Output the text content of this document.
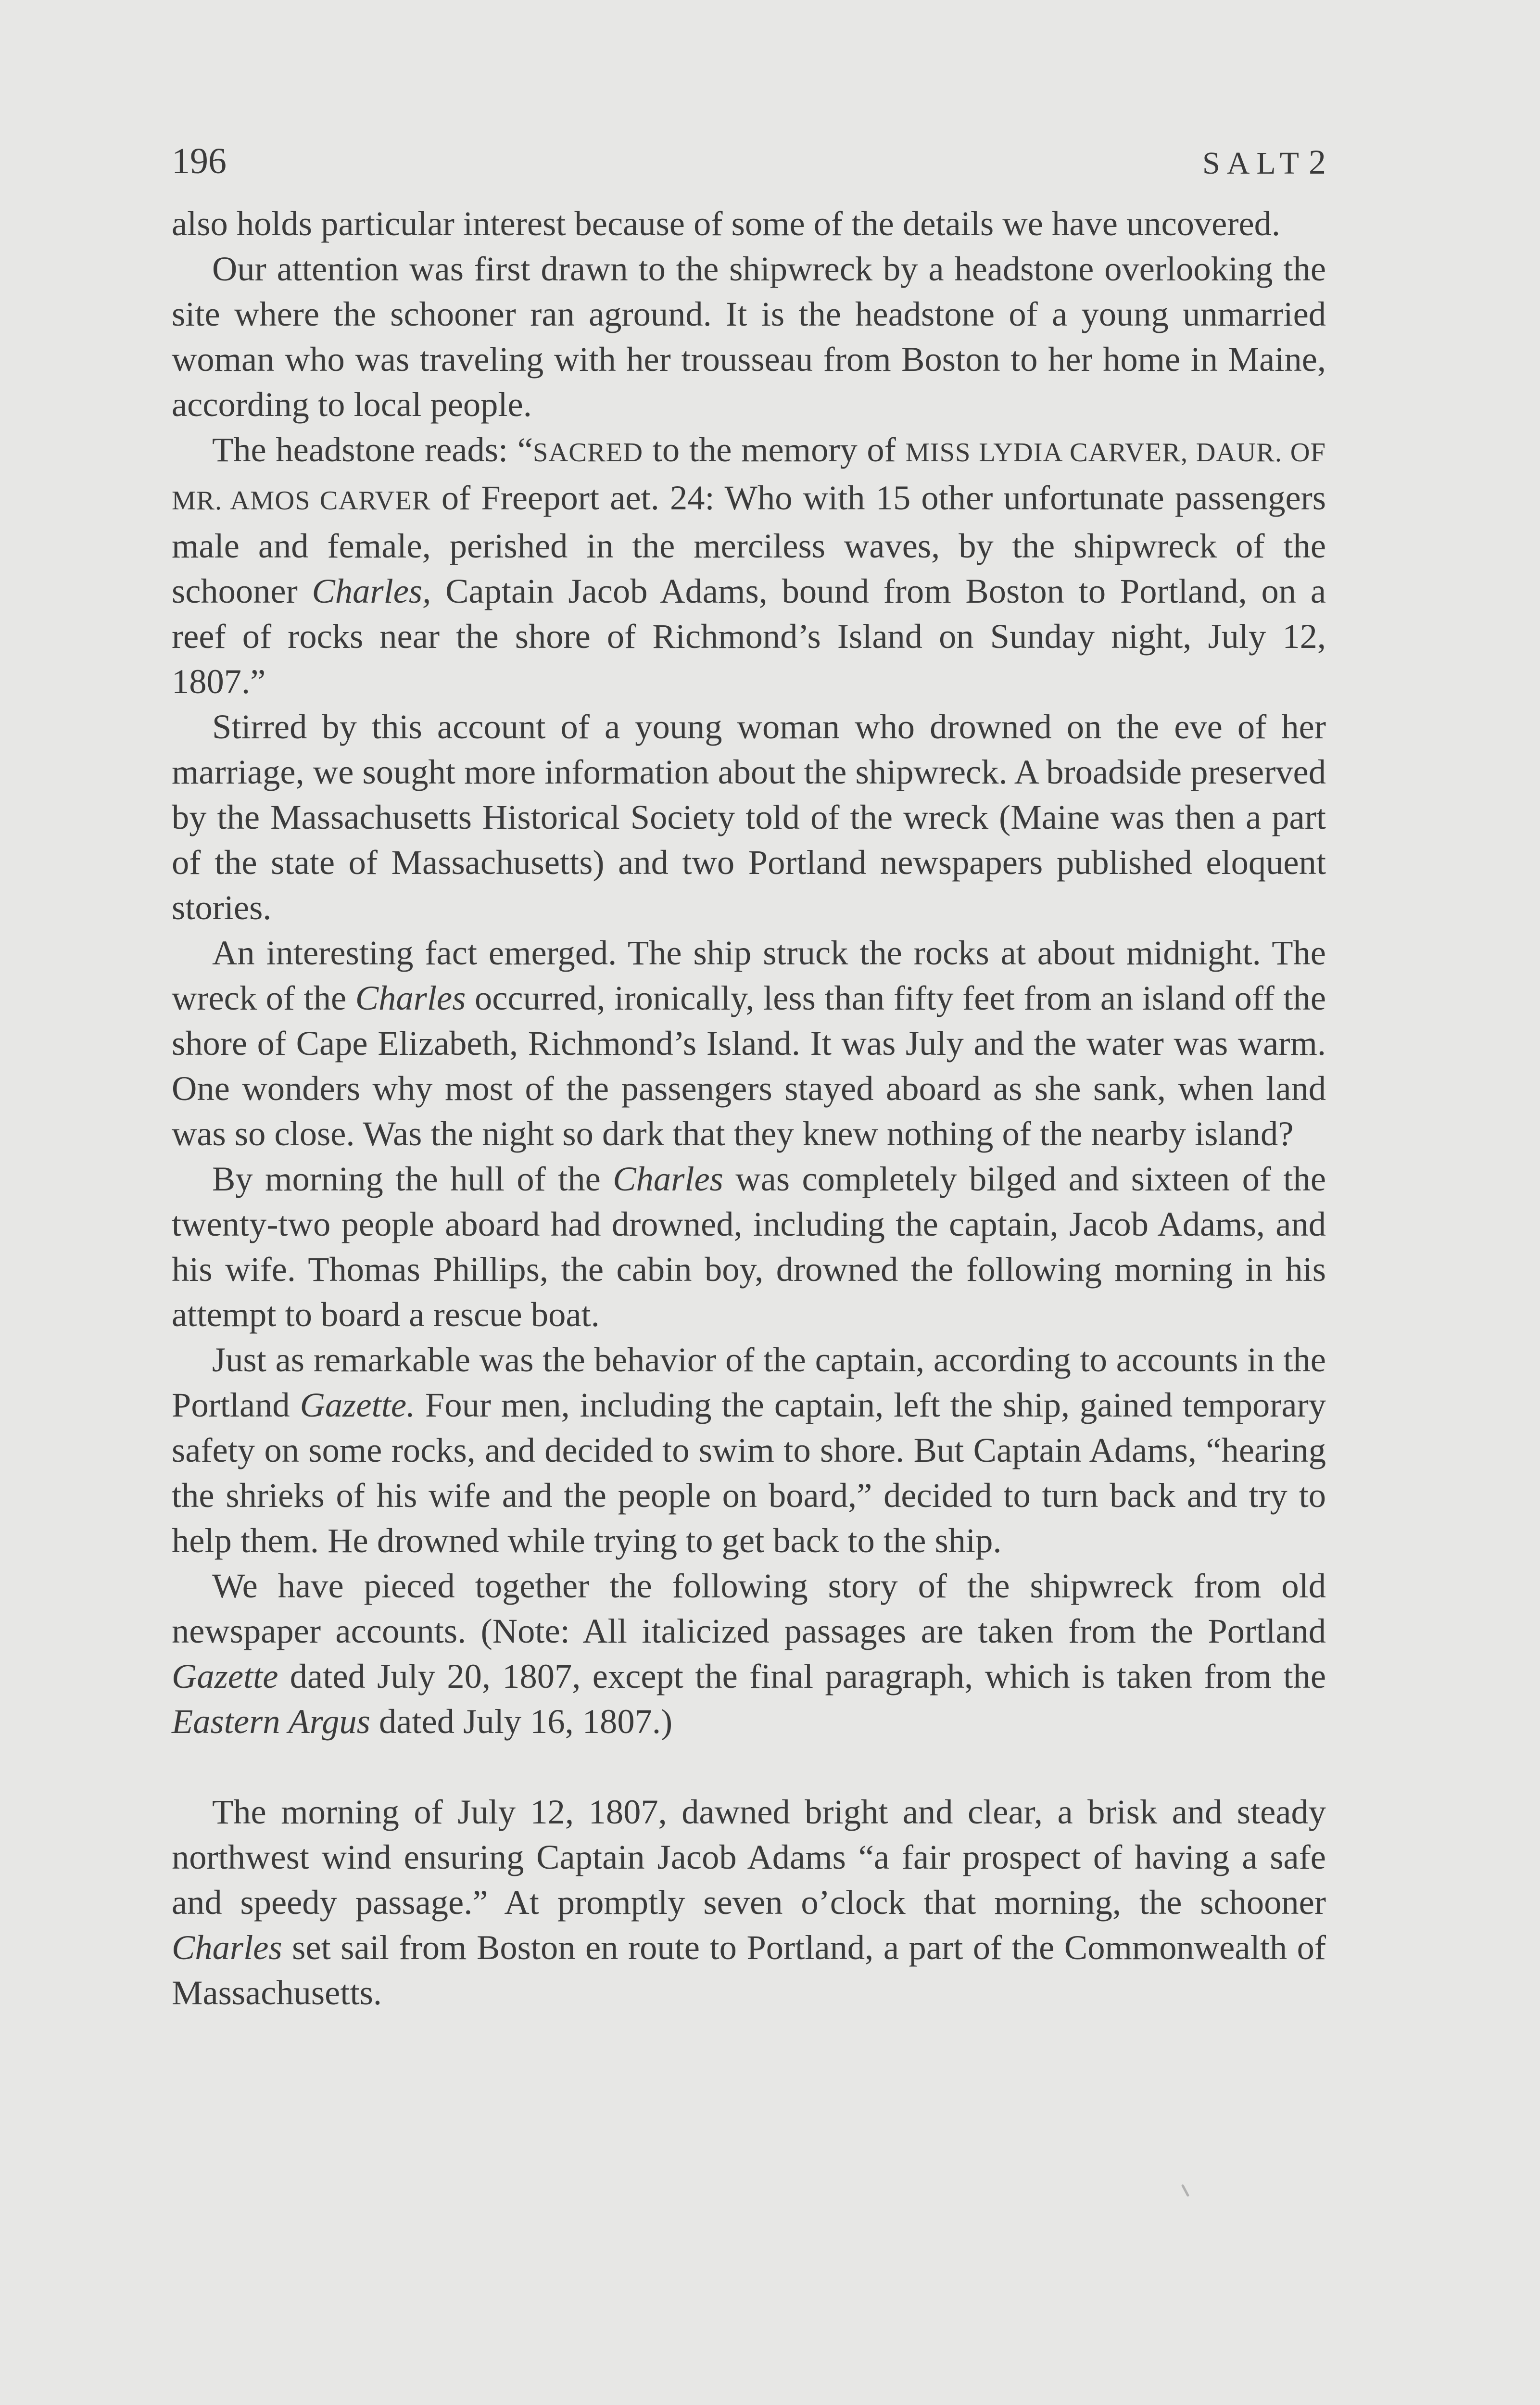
196	SALT2

also holds particular interest because of some of the details we have uncovered.

Our attention was first drawn to the shipwreck by a headstone overlooking the site where the schooner ran aground. It is the headstone of a young unmarried woman who was traveling with her trousseau from Boston to her home in Maine, according to local people.

The headstone reads: “SACRED to the memory of MISS LYDIA CARVER, DAUR. OF MR. AMOS CARVER of Freeport aet. 24: Who with 15 other unfortunate passengers male and female, perished in the merciless waves, by the shipwreck of the schooner Charles, Captain Jacob Adams, bound from Boston to Portland, on a reef of rocks near the shore of Richmond’s Island on Sunday night, July 12, 1807.”

Stirred by this account of a young woman who drowned on the eve of her marriage, we sought more information about the shipwreck. A broadside preserved by the Massachusetts Historical Society told of the wreck (Maine was then a part of the state of Massachusetts) and two Portland newspapers published eloquent stories.

An interesting fact emerged. The ship struck the rocks at about midnight. The wreck of the Charles occurred, ironically, less than fifty feet from an island off the shore of Cape Elizabeth, Richmond’s Island. It was July and the water was warm. One wonders why most of the passengers stayed aboard as she sank, when land was so close. Was the night so dark that they knew nothing of the nearby island?

By morning the hull of the Charles was completely bilged and sixteen of the twenty-two people aboard had drowned, including the captain, Jacob Adams, and his wife. Thomas Phillips, the cabin boy, drowned the following morning in his attempt to board a rescue boat.

Just as remarkable was the behavior of the captain, according to accounts in the Portland Gazette. Four men, including the captain, left the ship, gained temporary safety on some rocks, and decided to swim to shore. But Captain Adams, “hearing the shrieks of his wife and the people on board,” decided to turn back and try to help them. He drowned while trying to get back to the ship.

We have pieced together the following story of the shipwreck from old newspaper accounts. (Note: All italicized passages are taken from the Portland Gazette dated July 20, 1807, except the final paragraph, which is taken from the Eastern Argus dated July 16, 1807.)

The morning of July 12, 1807, dawned bright and clear, a brisk and steady northwest wind ensuring Captain Jacob Adams “a fair prospect of having a safe and speedy passage.” At promptly seven o’clock that morning, the schooner Charles set sail from Boston en route to Portland, a part of the Commonwealth of Massachusetts.
